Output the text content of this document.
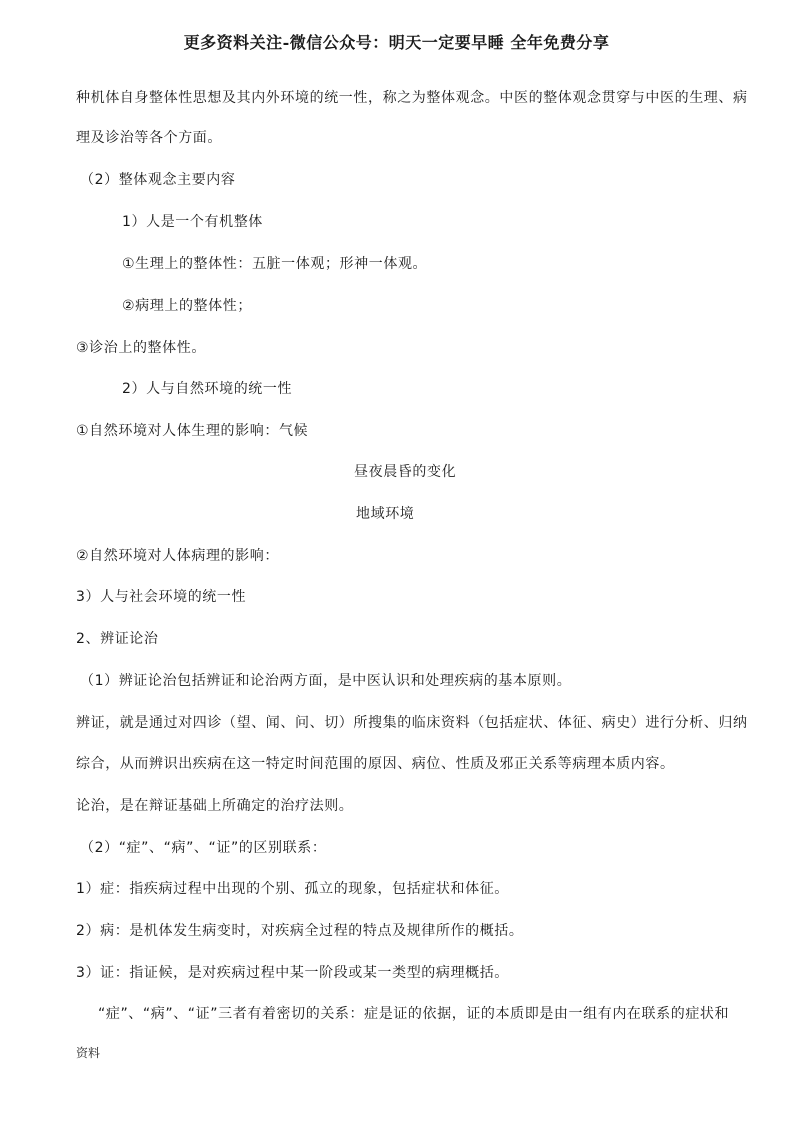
更多资料关注-微信公众号：明天一定要早睡 全年免费分享
种机体自身整体性思想及其内外环境的统一性，称之为整体观念。中医的整体观念贯穿与中医的生理、病
理及诊治等各个方面。
（2）整体观念主要内容
1）人是一个有机整体
①生理上的整体性：五脏一体观；形神一体观。
②病理上的整体性；
③诊治上的整体性。
2）人与自然环境的统一性
①自然环境对人体生理的影响：气候
昼夜晨昏的变化
地域环境
②自然环境对人体病理的影响：
3）人与社会环境的统一性
2、辨证论治
（1）辨证论治包括辨证和论治两方面，是中医认识和处理疾病的基本原则。
辨证，就是通过对四诊（望、闻、问、切）所搜集的临床资料（包括症状、体征、病史）进行分析、归纳
综合，从而辨识出疾病在这一特定时间范围的原因、病位、性质及邪正关系等病理本质内容。
论治，是在辩证基础上所确定的治疗法则。
（2）“症”、“病”、“证”的区别联系：
1）症：指疾病过程中出现的个别、孤立的现象，包括症状和体征。
2）病：是机体发生病变时，对疾病全过程的特点及规律所作的概括。
3）证：指证候，是对疾病过程中某一阶段或某一类型的病理概括。
“症”、“病”、“证”三者有着密切的关系：症是证的依据，证的本质即是由一组有内在联系的症状和
资料
